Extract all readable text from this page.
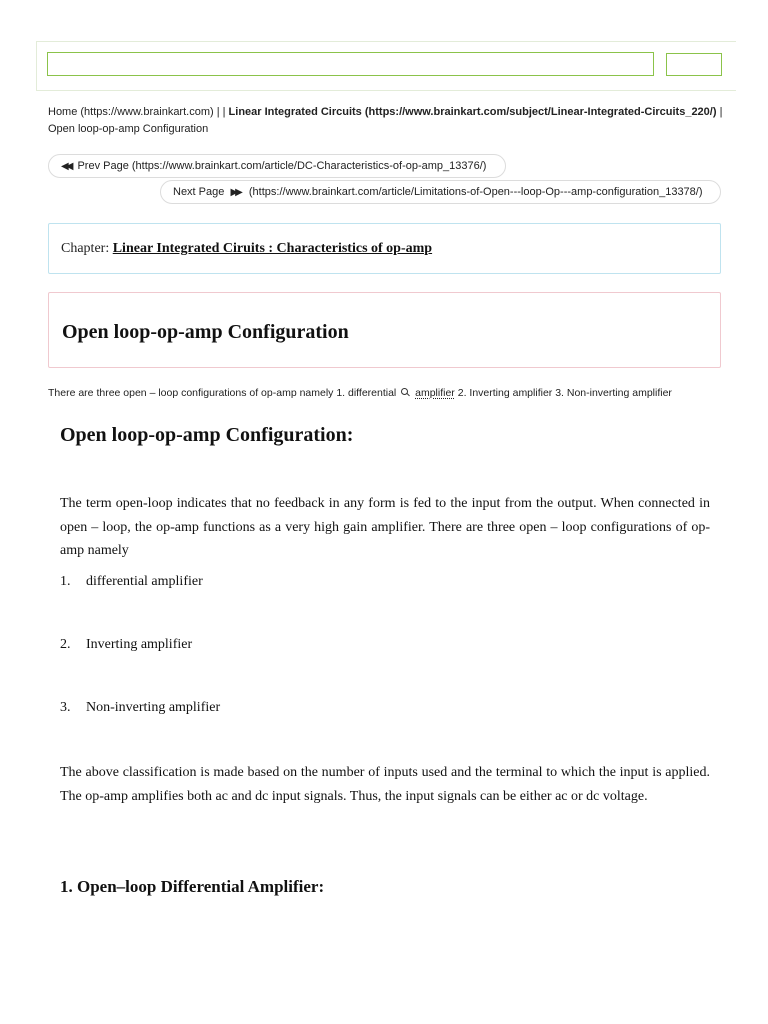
Home (https://www.brainkart.com) | | Linear Integrated Circuits (https://www.brainkart.com/subject/Linear-Integrated-Circuits_220/) | Open loop-op-amp Configuration
◀◀ Prev Page (https://www.brainkart.com/article/DC-Characteristics-of-op-amp_13376/)
Next Page ▶▶ (https://www.brainkart.com/article/Limitations-of-Open---loop-Op---amp-configuration_13378/)
Chapter: Linear Integrated Ciruits : Characteristics of op-amp
Open loop-op-amp Configuration
There are three open – loop configurations of op-amp namely 1. differential amplifier 2. Inverting amplifier 3. Non-inverting amplifier
Open loop-op-amp Configuration:

The term open-loop indicates that no feedback in any form is fed to the input from the output. When connected in open – loop, the op-amp functions as a very high gain amplifier. There are three open – loop configurations of op-amp namely

1. differential amplifier
2. Inverting amplifier
3. Non-inverting amplifier

The above classification is made based on the number of inputs used and the terminal to which the input is applied. The op-amp amplifies both ac and dc input signals. Thus, the input signals can be either ac or dc voltage.

1. Open–loop Differential Amplifier:
